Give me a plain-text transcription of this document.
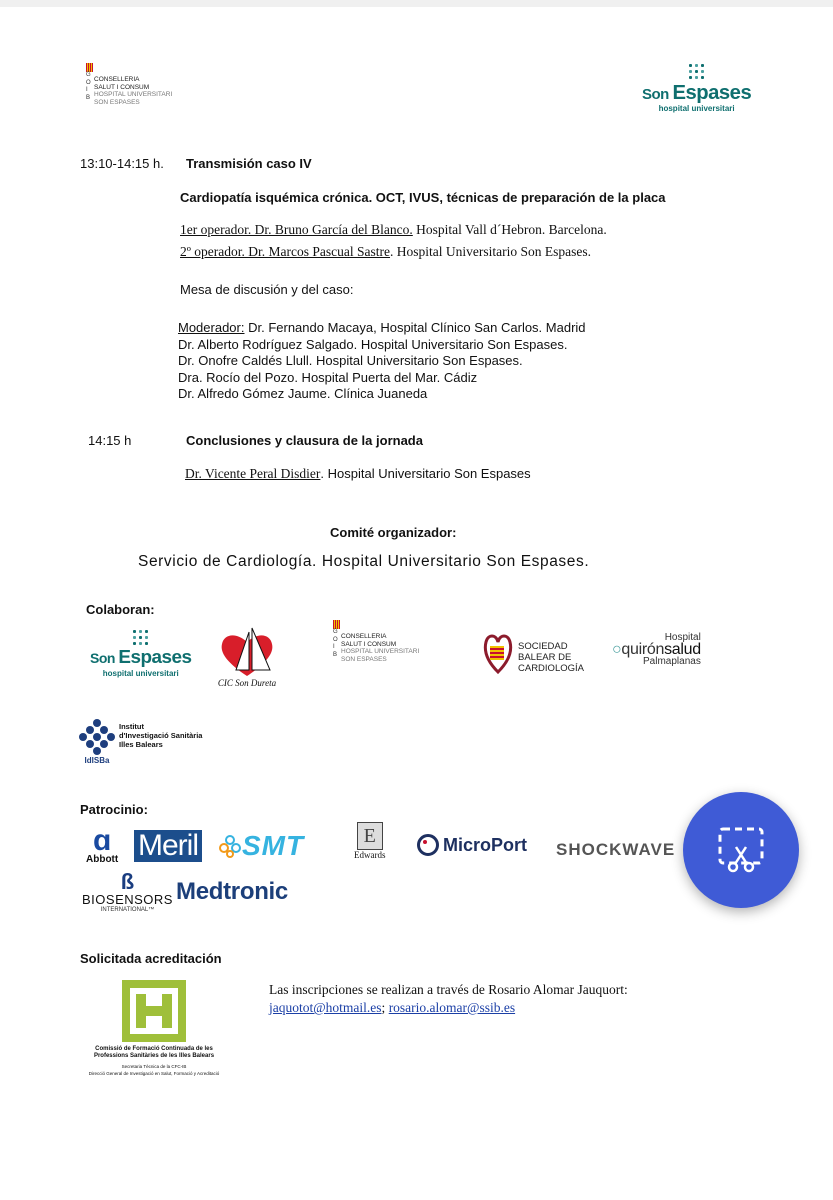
G
O
I
B
CONSELLERIA
SALUT I CONSUM
HOSPITAL UNIVERSITARI
SON ESPASES	Son Espases
hospital universitari
13:10-14:15 h. Transmisión caso IV
Cardiopatía isquémica crónica. OCT, IVUS, técnicas de preparación de la placa
1er operador. Dr. Bruno García del Blanco. Hospital Vall d´Hebron. Barcelona.
2º operador. Dr. Marcos Pascual Sastre. Hospital Universitario Son Espases.
Mesa de discusión y del caso:
Moderador: Dr. Fernando Macaya, Hospital Clínico San Carlos. Madrid
Dr. Alberto Rodríguez Salgado. Hospital Universitario Son Espases.
Dr. Onofre Caldés Llull. Hospital Universitario Son Espases.
Dra. Rocío del Pozo. Hospital Puerta del Mar. Cádiz
Dr. Alfredo Gómez Jaume. Clínica Juaneda
14:15 h	Conclusiones y clausura de la jornada
Dr. Vicente Peral Disdier. Hospital Universitario Son Espases
Comité organizador:
Servicio de Cardiología. Hospital Universitario Son Espases.
Colaboran:
Son Espases
hospital universitari
CIC Son Dureta
G
O
I
B
CONSELLERIA
SALUT I CONSUM
HOSPITAL UNIVERSITARI
SON ESPASES
SOCIEDAD
BALEAR DE
CARDIOLOGÍA
Hospital
○quirónsalud
Palmaplanas
IdISBa
Institut
d'Investigació Sanitària
Illes Balears
Patrocinio:
ɑ
Abbott Meril SMT	E
Edwards
MicroPort SHOCKWAVE
ß
BIOSENSORS
INTERNATIONAL™
Medtronic
Solicitada acreditación
Comissió de Formació Continuada de les Professions Sanitàries de les Illes Balears
Secretaria Tècnica de la CFC-IB
Direcció General de Investigació en Salut, Formació y Acreditació
Las inscripciones se realizan a través de Rosario Alomar Jauquort:
jaquotot@hotmail.es; rosario.alomar@ssib.es
